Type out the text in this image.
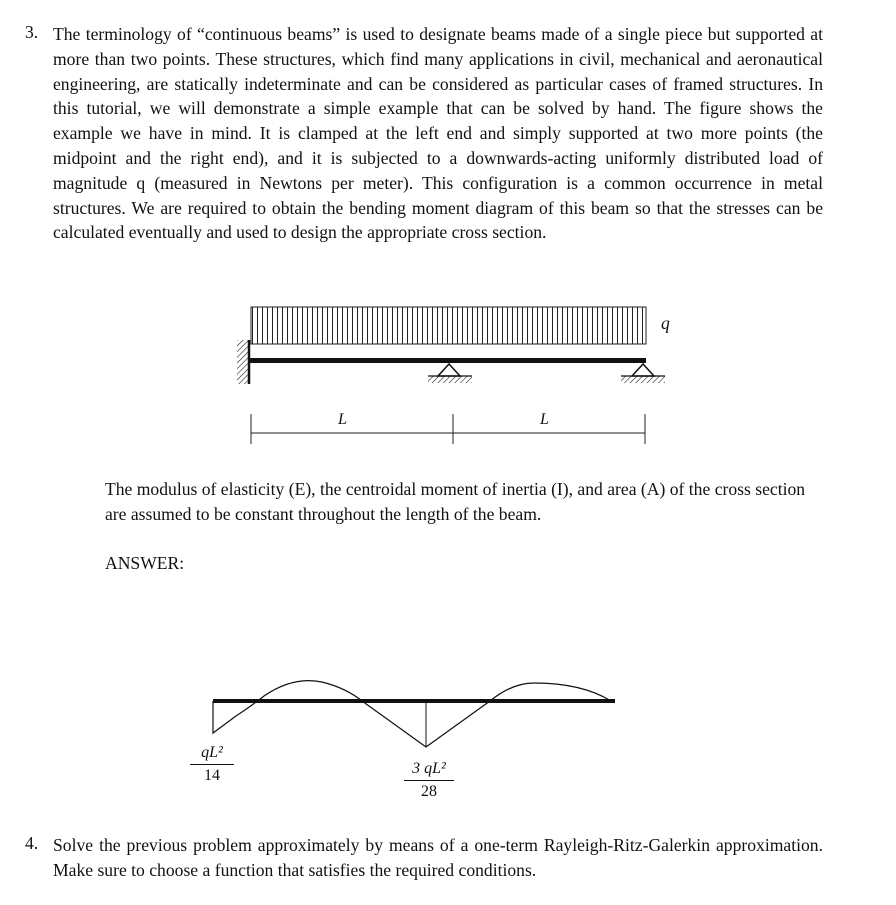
3. The terminology of “continuous beams” is used to designate beams made of a single piece but supported at more than two points. These structures, which find many applications in civil, mechanical and aeronautical engineering, are statically indeterminate and can be considered as particular cases of framed structures. In this tutorial, we will demonstrate a simple example that can be solved by hand. The figure shows the example we have in mind. It is clamped at the left end and simply supported at two more points (the midpoint and the right end), and it is subjected to a downwards-acting uniformly distributed load of magnitude q (measured in Newtons per meter). This configuration is a common occurrence in metal structures. We are required to obtain the bending moment diagram of this beam so that the stresses can be calculated eventually and used to design the appropriate cross section.
q
L	L
The modulus of elasticity (E), the centroidal moment of inertia (I), and area (A) of the cross section are assumed to be constant throughout the length of the beam.
ANSWER:
$\frac{\text{qL²}}{14}$	$\frac{\text{3 qL²}}{28}$
4. Solve the previous problem approximately by means of a one-term Rayleigh-Ritz-Galerkin approximation. Make sure to choose a function that satisfies the required conditions.
